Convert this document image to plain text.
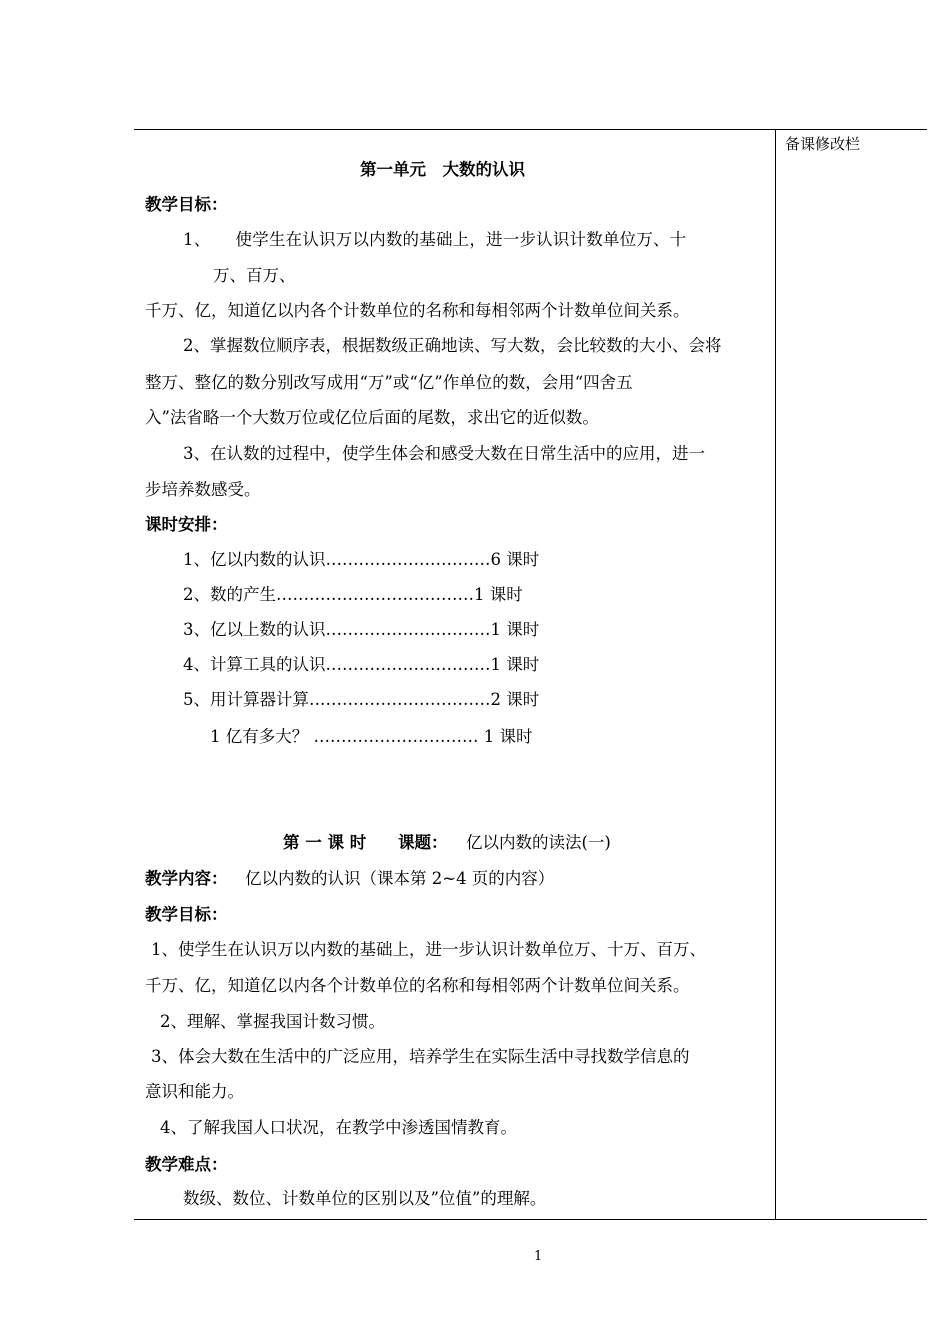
备课修改栏
第一单元　大数的认识
教学目标：
1、　　使学生在认识万以内数的基础上，进一步认识计数单位万、十
万、百万、
千万、亿，知道亿以内各个计数单位的名称和每相邻两个计数单位间关系。
2、掌握数位顺序表，根据数级正确地读、写大数，会比较数的大小、会将
整万、整亿的数分别改写成用“万”或“亿”作单位的数，会用“四舍五
入”法省略一个大数万位或亿位后面的尾数，求出它的近似数。
3、在认数的过程中，使学生体会和感受大数在日常生活中的应用，进一
步培养数感受。
课时安排：
1、亿以内数的认识…………………………6 课时
2、数的产生………………………………1 课时
3、亿以上数的认识…………………………1 课时
4、计算工具的认识…………………………1 课时
5、用计算器计算……………………………2 课时
1 亿有多大？ ………………………… 1 课时
第 一 课 时 课题： 亿以内数的读法(一)
教学内容： 亿以内数的认识（课本第 2~4 页的内容）
教学目标：
1、使学生在认识万以内数的基础上，进一步认识计数单位万、十万、百万、
千万、亿，知道亿以内各个计数单位的名称和每相邻两个计数单位间关系。
2、理解、掌握我国计数习惯。
3、体会大数在生活中的广泛应用，培养学生在实际生活中寻找数学信息的
意识和能力。
4、了解我国人口状况，在教学中渗透国情教育。
教学难点：
数级、数位、计数单位的区别以及”位值”的理解。
1
